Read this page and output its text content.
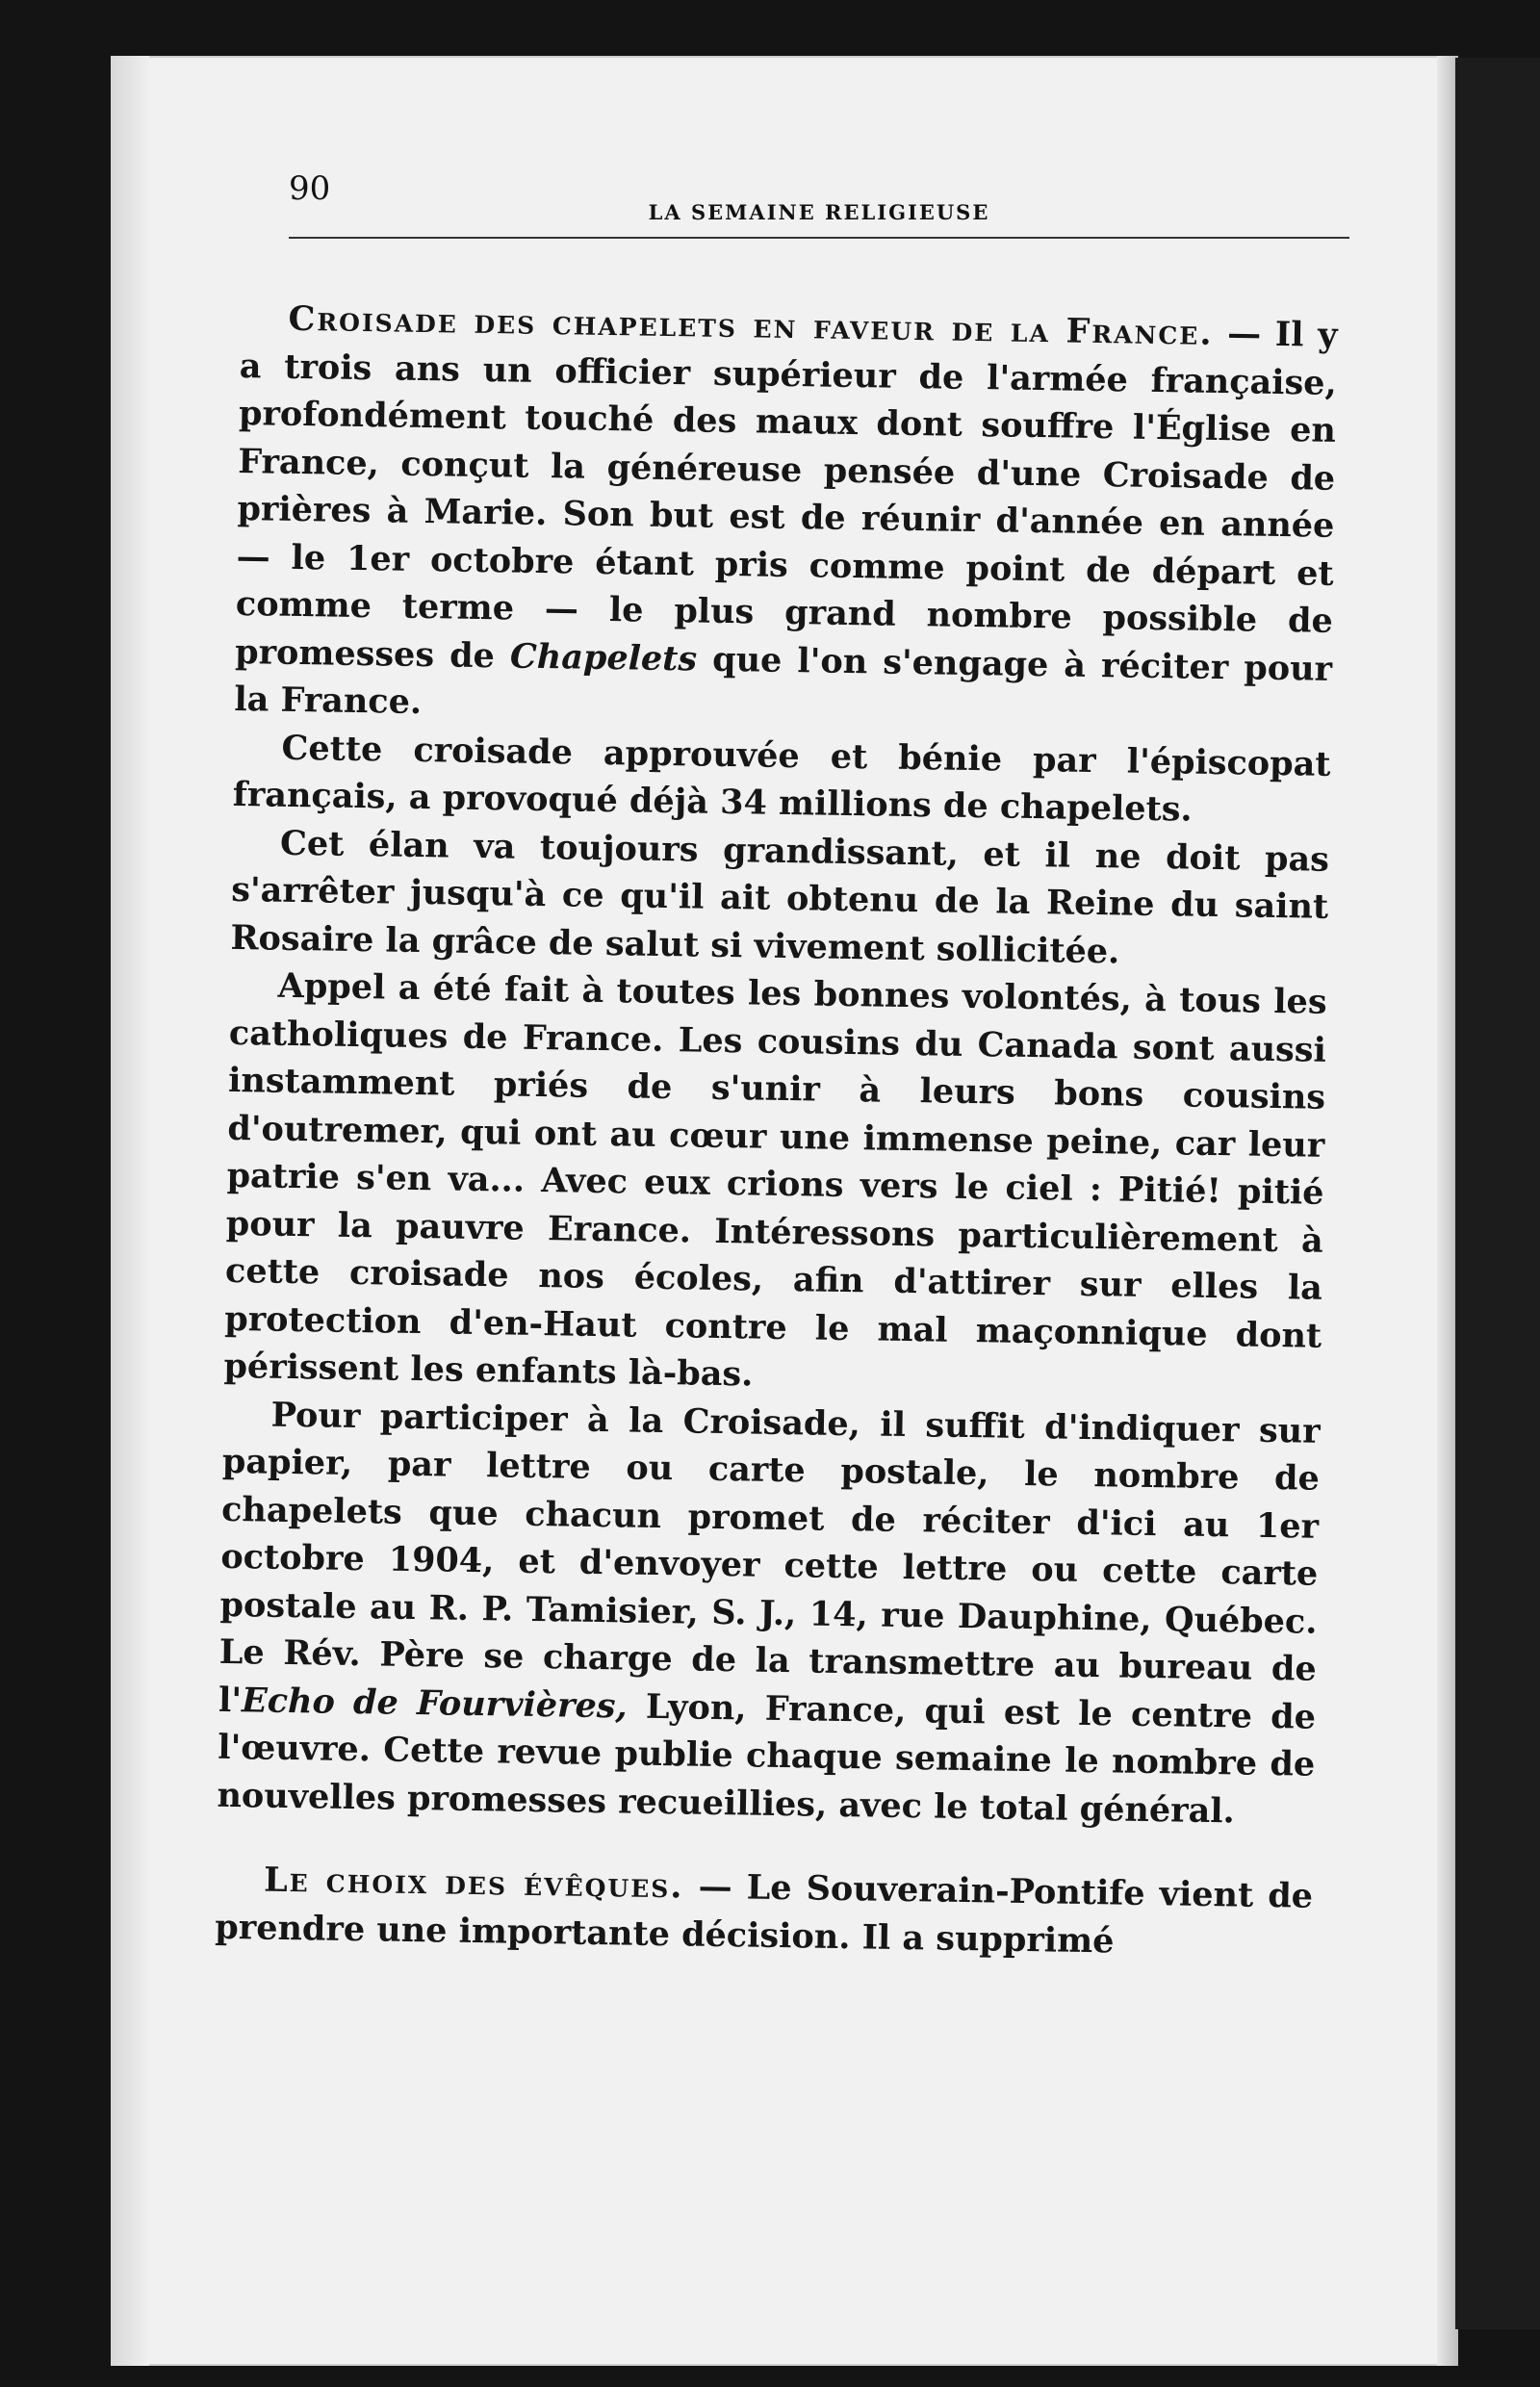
90
LA SEMAINE RELIGIEUSE

Croisade des chapelets en faveur de la France. — Il y a trois ans un officier supérieur de l'armée française, profondément touché des maux dont souffre l'Église en France, conçut la généreuse pensée d'une Croisade de prières à Marie. Son but est de réunir d'année en année — le 1er octobre étant pris comme point de départ et comme terme — le plus grand nombre possible de promesses de Chapelets que l'on s'engage à réciter pour la France.

Cette croisade approuvée et bénie par l'épiscopat français, a provoqué déjà 34 millions de chapelets.

Cet élan va toujours grandissant, et il ne doit pas s'arrêter jusqu'à ce qu'il ait obtenu de la Reine du saint Rosaire la grâce de salut si vivement sollicitée.

Appel a été fait à toutes les bonnes volontés, à tous les catholiques de France. Les cousins du Canada sont aussi instamment priés de s'unir à leurs bons cousins d'outremer, qui ont au cœur une immense peine, car leur patrie s'en va... Avec eux crions vers le ciel : Pitié! pitié pour la pauvre Erance. Intéressons particulièrement à cette croisade nos écoles, afin d'attirer sur elles la protection d'en-Haut contre le mal maçonnique dont périssent les enfants là-bas.

Pour participer à la Croisade, il suffit d'indiquer sur papier, par lettre ou carte postale, le nombre de chapelets que chacun promet de réciter d'ici au 1er octobre 1904, et d'envoyer cette lettre ou cette carte postale au R. P. Tamisier, S. J., 14, rue Dauphine, Québec. Le Rév. Père se charge de la transmettre au bureau de l'Echo de Fourvières, Lyon, France, qui est le centre de l'œuvre. Cette revue publie chaque semaine le nombre de nouvelles promesses recueillies, avec le total général.

Le choix des évêques. — Le Souverain-Pontife vient de prendre une importante décision. Il a supprimé
